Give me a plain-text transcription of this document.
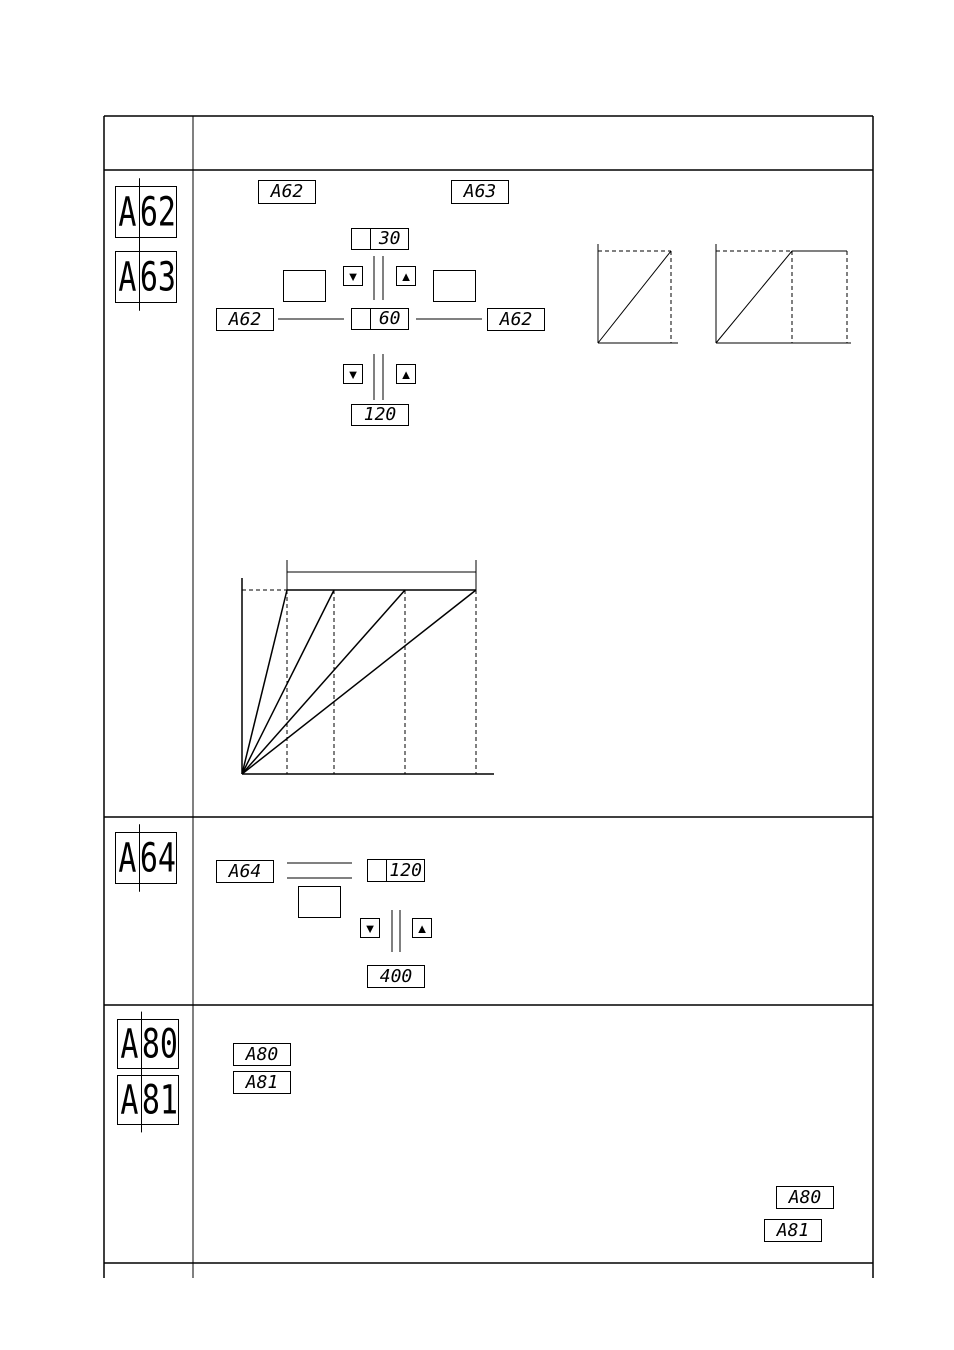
A 62
A 63
A62	A63
30
60
120
▼	▲
▼	▲
A62	A62
A 64	A64	120
▼	▲
400
A 80
A 81
A80
A81
A80
A81
